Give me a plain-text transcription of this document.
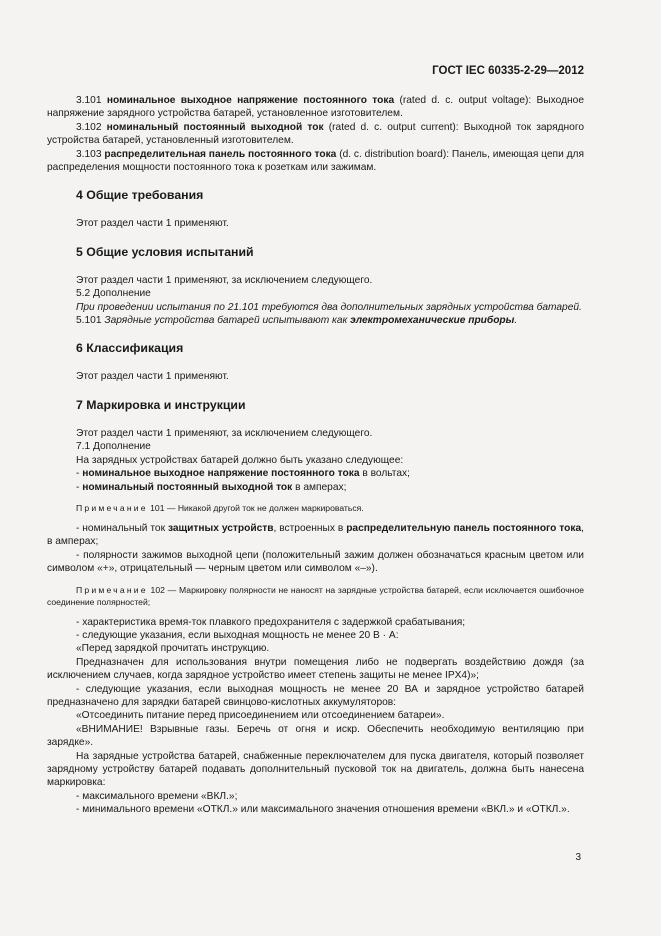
ГОСТ IEC 60335-2-29—2012

3.101 номинальное выходное напряжение постоянного тока (rated d. c. output voltage): Выходное напряжение зарядного устройства батарей, установленное изготовителем.

3.102 номинальный постоянный выходной ток (rated d. c. output current): Выходной ток зарядного устройства батарей, установленный изготовителем.

3.103 распределительная панель постоянного тока (d. c. distribution board): Панель, имеющая цепи для распределения мощности постоянного тока к розеткам или зажимам.

4 Общие требования

Этот раздел части 1 применяют.

5 Общие условия испытаний

Этот раздел части 1 применяют, за исключением следующего.

5.2 Дополнение

При проведении испытания по 21.101 требуются два дополнительных зарядных устройства батарей.

5.101 Зарядные устройства батарей испытывают как электромеханические приборы.

6 Классификация

Этот раздел части 1 применяют.

7 Маркировка и инструкции

Этот раздел части 1 применяют, за исключением следующего.

7.1 Дополнение

На зарядных устройствах батарей должно быть указано следующее:

- номинальное выходное напряжение постоянного тока в вольтах;

- номинальный постоянный выходной ток в амперах;

Примечание 101 — Никакой другой ток не должен маркироваться.

- номинальный ток защитных устройств, встроенных в распределительную панель постоянного тока, в амперах;

- полярности зажимов выходной цепи (положительный зажим должен обозначаться красным цветом или символом «+», отрицательный — черным цветом или символом «–»).

Примечание 102 — Маркировку полярности не наносят на зарядные устройства батарей, если исключается ошибочное соединение полярностей;

- характеристика время-ток плавкого предохранителя с задержкой срабатывания;

- следующие указания, если выходная мощность не менее 20 В · А:

«Перед зарядкой прочитать инструкцию.

Предназначен для использования внутри помещения либо не подвергать воздействию дождя (за исключением случаев, когда зарядное устройство имеет степень защиты не менее IPX4)»;

- следующие указания, если выходная мощность не менее 20 ВА и зарядное устройство батарей предназначено для зарядки батарей свинцово-кислотных аккумуляторов:

«Отсоединить питание перед присоединением или отсоединением батареи».

«ВНИМАНИЕ! Взрывные газы. Беречь от огня и искр. Обеспечить необходимую вентиляцию при зарядке».

На зарядные устройства батарей, снабженные переключателем для пуска двигателя, который позволяет зарядному устройству батарей подавать дополнительный пусковой ток на двигатель, должна быть нанесена маркировка:

- максимального времени «ВКЛ.»;

- минимального времени «ОТКЛ.» или максимального значения отношения времени «ВКЛ.» и «ОТКЛ.».

3
